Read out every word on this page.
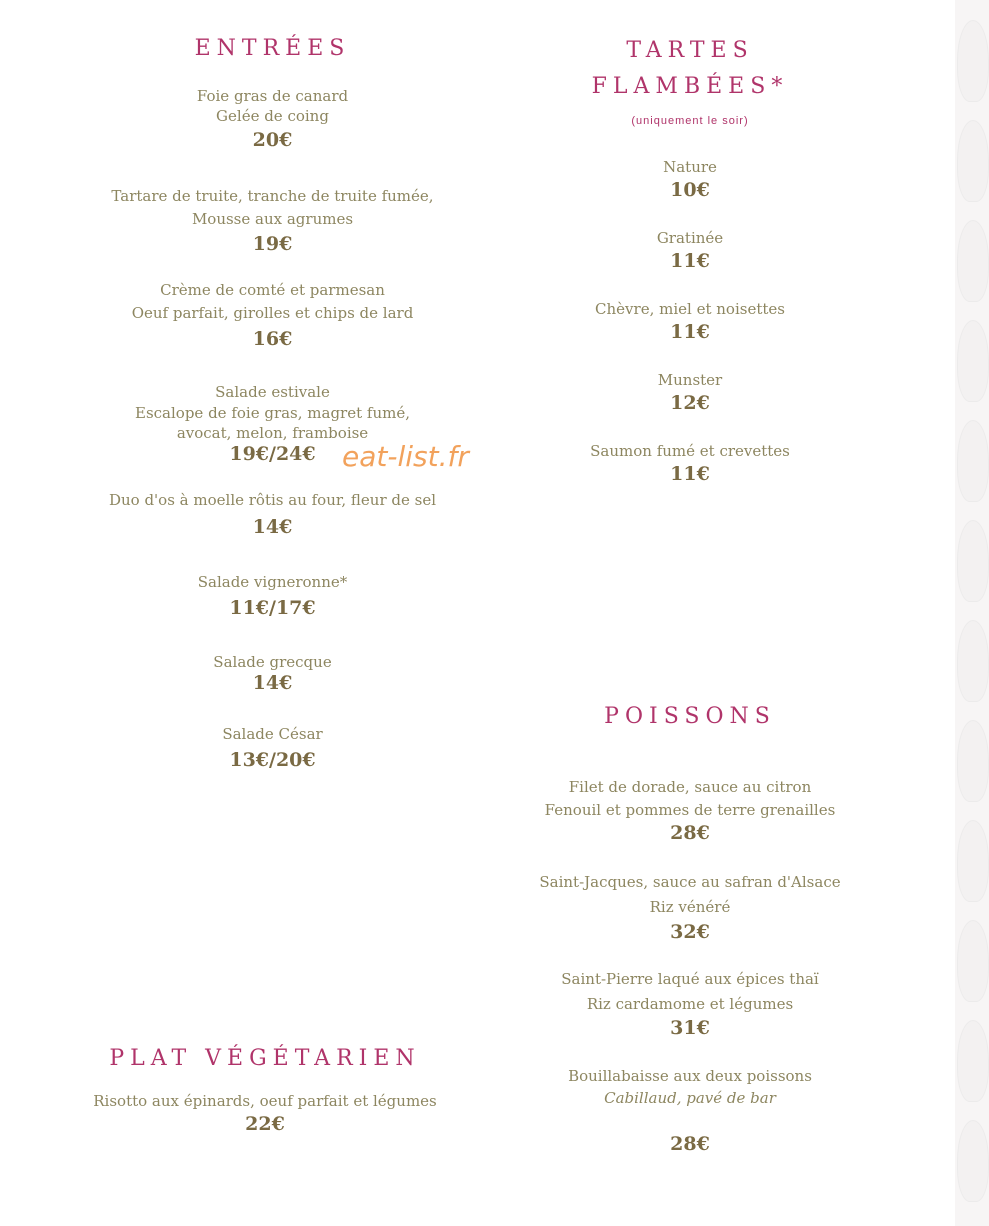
ENTRÉES
Foie gras de canard
Gelée de coing
20€
Tartare de truite, tranche de truite fumée,
Mousse aux agrumes
19€
Crème de comté et parmesan
Oeuf parfait, girolles et chips de lard
16€
Salade estivale
Escalope de foie gras, magret fumé,
avocat, melon, framboise
19€/24€
Duo d'os à moelle rôtis au four, fleur de sel
14€
Salade vigneronne*
11€/17€
Salade grecque
14€
Salade César
13€/20€
eat-list.fr
TARTES
FLAMBÉES*
(uniquement le soir)
Nature
10€
Gratinée
11€
Chèvre, miel et noisettes
11€
Munster
12€
Saumon fumé et crevettes
11€
POISSONS
Filet de dorade, sauce au citron
Fenouil et pommes de terre grenailles
28€
Saint-Jacques, sauce au safran d'Alsace
Riz vénéré
32€
Saint-Pierre laqué aux épices thaï
Riz cardamome et légumes
31€
Bouillabaisse aux deux poissons
Cabillaud, pavé de bar
28€
PLAT VÉGÉTARIEN
Risotto aux épinards, oeuf parfait et légumes
22€
